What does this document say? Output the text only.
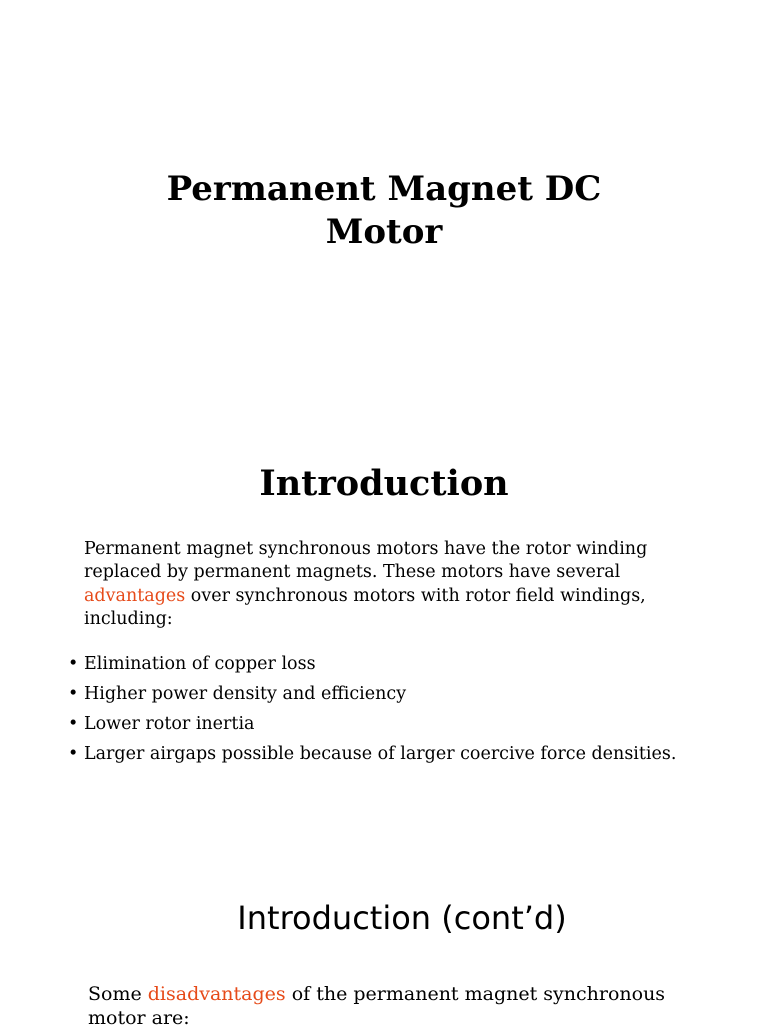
Permanent Magnet DC
Motor
Introduction
Permanent magnet synchronous motors have the rotor winding replaced by permanent magnets. These motors have several advantages over synchronous motors with rotor field windings, including:
• Elimination of copper loss
• Higher power density and efficiency
• Lower rotor inertia
• Larger airgaps possible because of larger coercive force densities.
Introduction (cont’d)
Some disadvantages of the permanent magnet synchronous motor are:
